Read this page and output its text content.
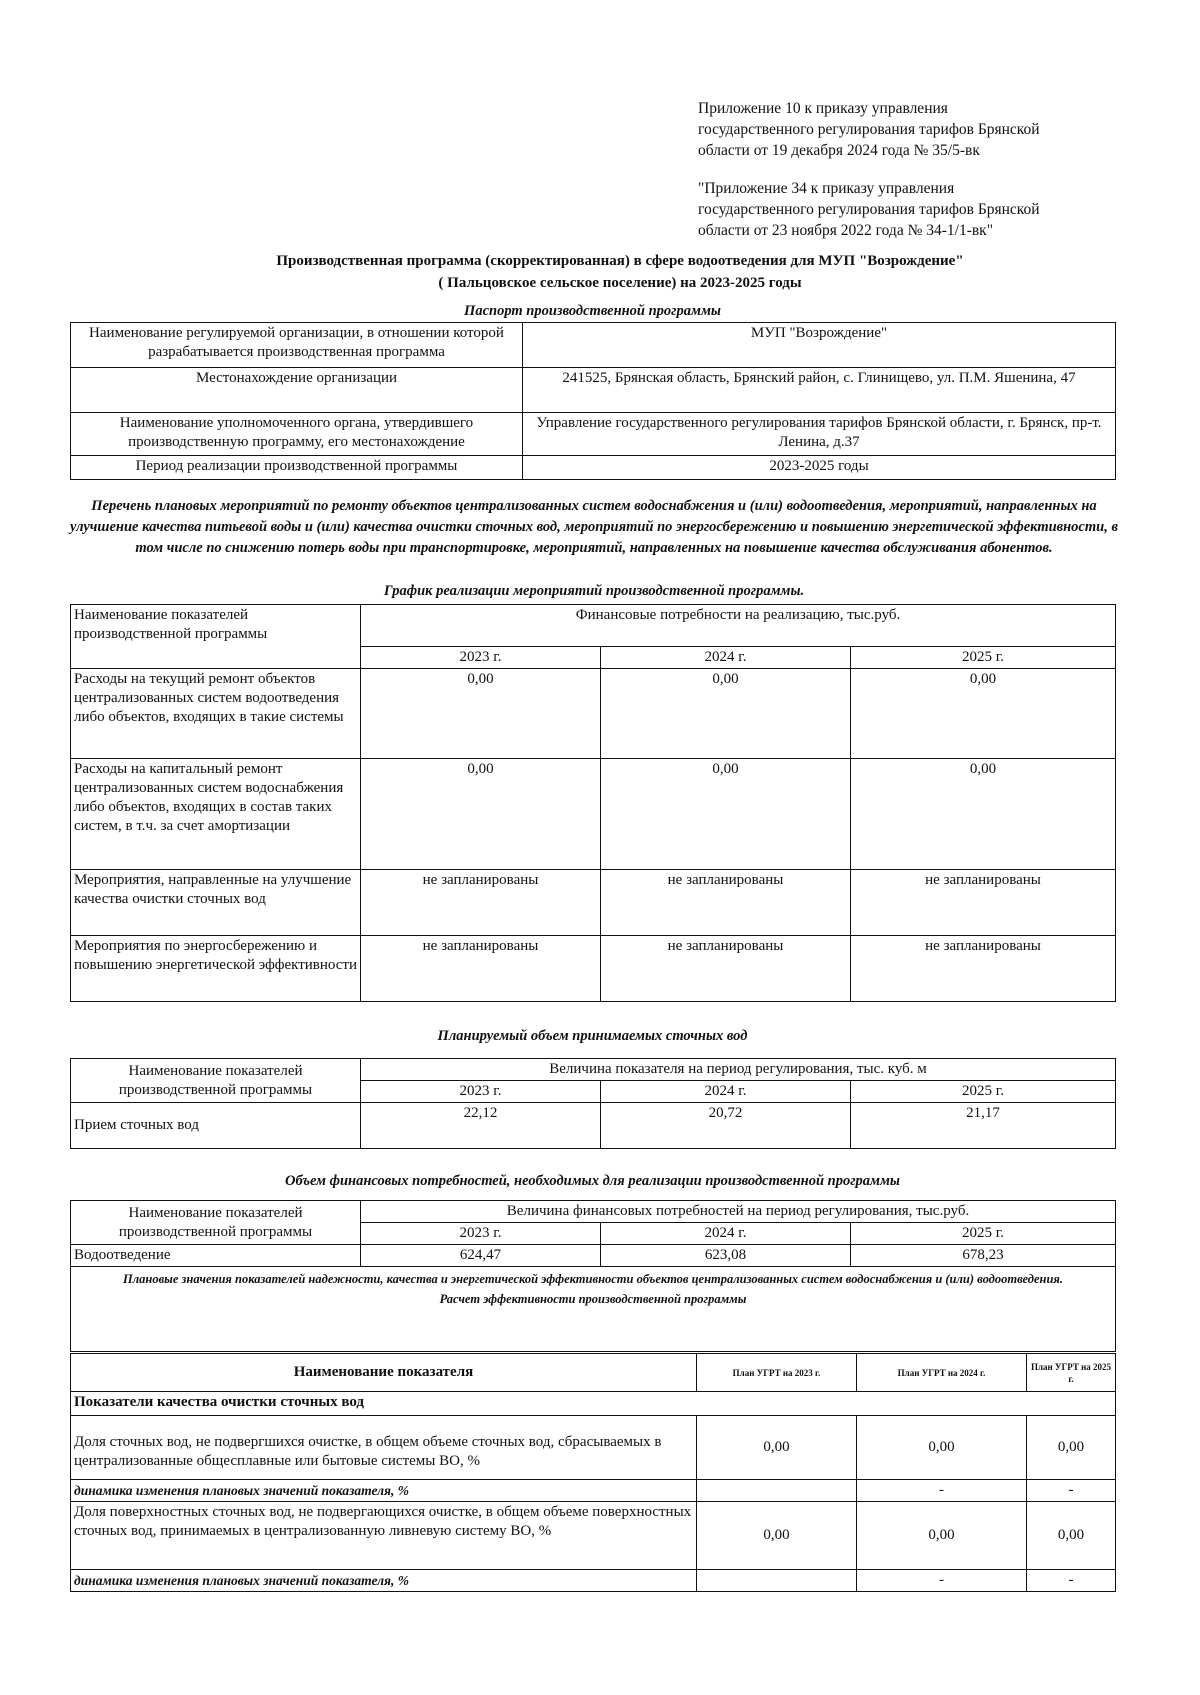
Приложение 10 к приказу управления
государственного регулирования тарифов Брянской
области от 19 декабря 2024 года № 35/5-вк
"Приложение 34 к приказу управления
государственного регулирования тарифов Брянской
области от 23 ноября 2022 года № 34-1/1-вк"
Производственная программа (скорректированная) в сфере водоотведения для МУП "Возрождение"
( Пальцовское сельское поселение) на 2023-2025 годы
Паспорт производственной программы
Наименование регулируемой организации, в отношении которой разрабатывается производственная программа	МУП "Возрождение"
Местонахождение организации	241525, Брянская область, Брянский район, с. Глинищево, ул. П.М. Яшенина, 47
Наименование уполномоченного органа, утвердившего производственную программу, его местонахождение	Управление государственного регулирования тарифов Брянской области, г. Брянск, пр-т. Ленина, д.37
Период реализации производственной программы	2023-2025 годы
Перечень плановых мероприятий по ремонту объектов централизованных систем водоснабжения и (или) водоотведения, мероприятий, направленных на улучшение качества питьевой воды и (или) качества очистки сточных вод, мероприятий по энергосбережению и повышению энергетической эффективности, в том числе по снижению потерь воды при транспортировке, мероприятий, направленных на повышение качества обслуживания абонентов.
График реализации мероприятий производственной программы.
Наименование показателей производственной программы	Финансовые потребности на реализацию, тыс.руб.		
	2023 г.	2024 г.	2025 г.
Расходы на текущий ремонт объектов централизованных систем водоотведения либо объектов, входящих в такие системы	0,00	0,00	0,00
Расходы на капитальный ремонт централизованных систем водоснабжения либо объектов, входящих в состав таких систем, в т.ч. за счет амортизации	0,00	0,00	0,00
Мероприятия, направленные на улучшение качества очистки сточных вод	не запланированы	не запланированы	не запланированы
Мероприятия по энергосбережению и повышению энергетической эффективности	не запланированы	не запланированы	не запланированы
Планируемый объем принимаемых сточных вод
Наименование показателей производственной программы	Величина показателя на период регулирования, тыс. куб. м		
	2023 г.	2024 г.	2025 г.
Прием сточных вод	22,12	20,72	21,17
Объем финансовых потребностей, необходимых для реализации производственной программы
Наименование показателей производственной программы	Величина финансовых потребностей на период регулирования, тыс.руб.		
	2023 г.	2024 г.	2025 г.
Водоотведение	624,47	623,08	678,23

Плановые значения показателей надежности, качества и энергетической эффективности объектов централизованных систем водоснабжения и (или) водоотведения.
Расчет эффективности производственной программы			
Наименование показателя	План УГРТ на 2023 г.	План УГРТ на 2024 г.	План УГРТ на 2025 г.
Показатели качества очистки сточных вод			
Доля сточных вод, не подвергшихся очистке, в общем объеме сточных вод, сбрасываемых в централизованные общесплавные или бытовые системы ВО, %	0,00	0,00	0,00
динамика изменения плановых значений показателя, %		-	-
Доля поверхностных сточных вод, не подвергающихся очистке, в общем объеме поверхностных сточных вод, принимаемых в централизованную ливневую систему ВО, %	0,00	0,00	0,00
динамика изменения плановых значений показателя, %		-	-
